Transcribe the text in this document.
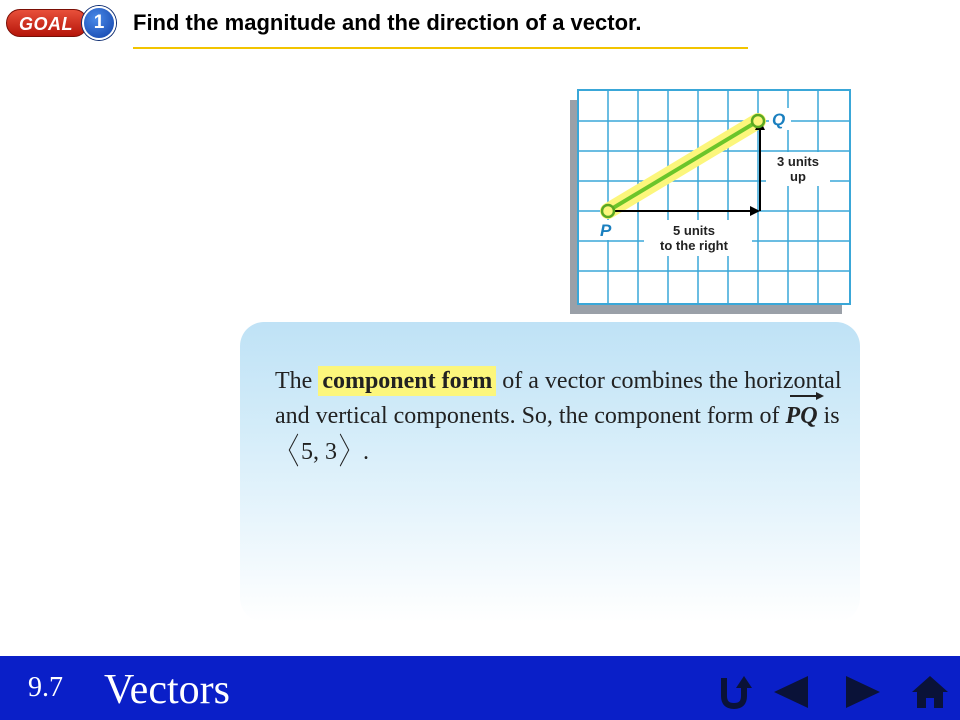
GOAL	1	Find the magnitude and the direction of a vector.
Q
P
3 units
up
5 units
to the right
The component form of a vector combines the horizontal and vertical components. So, the component form of
PQ is 〈5, 3〉.
9.7 Vectors
